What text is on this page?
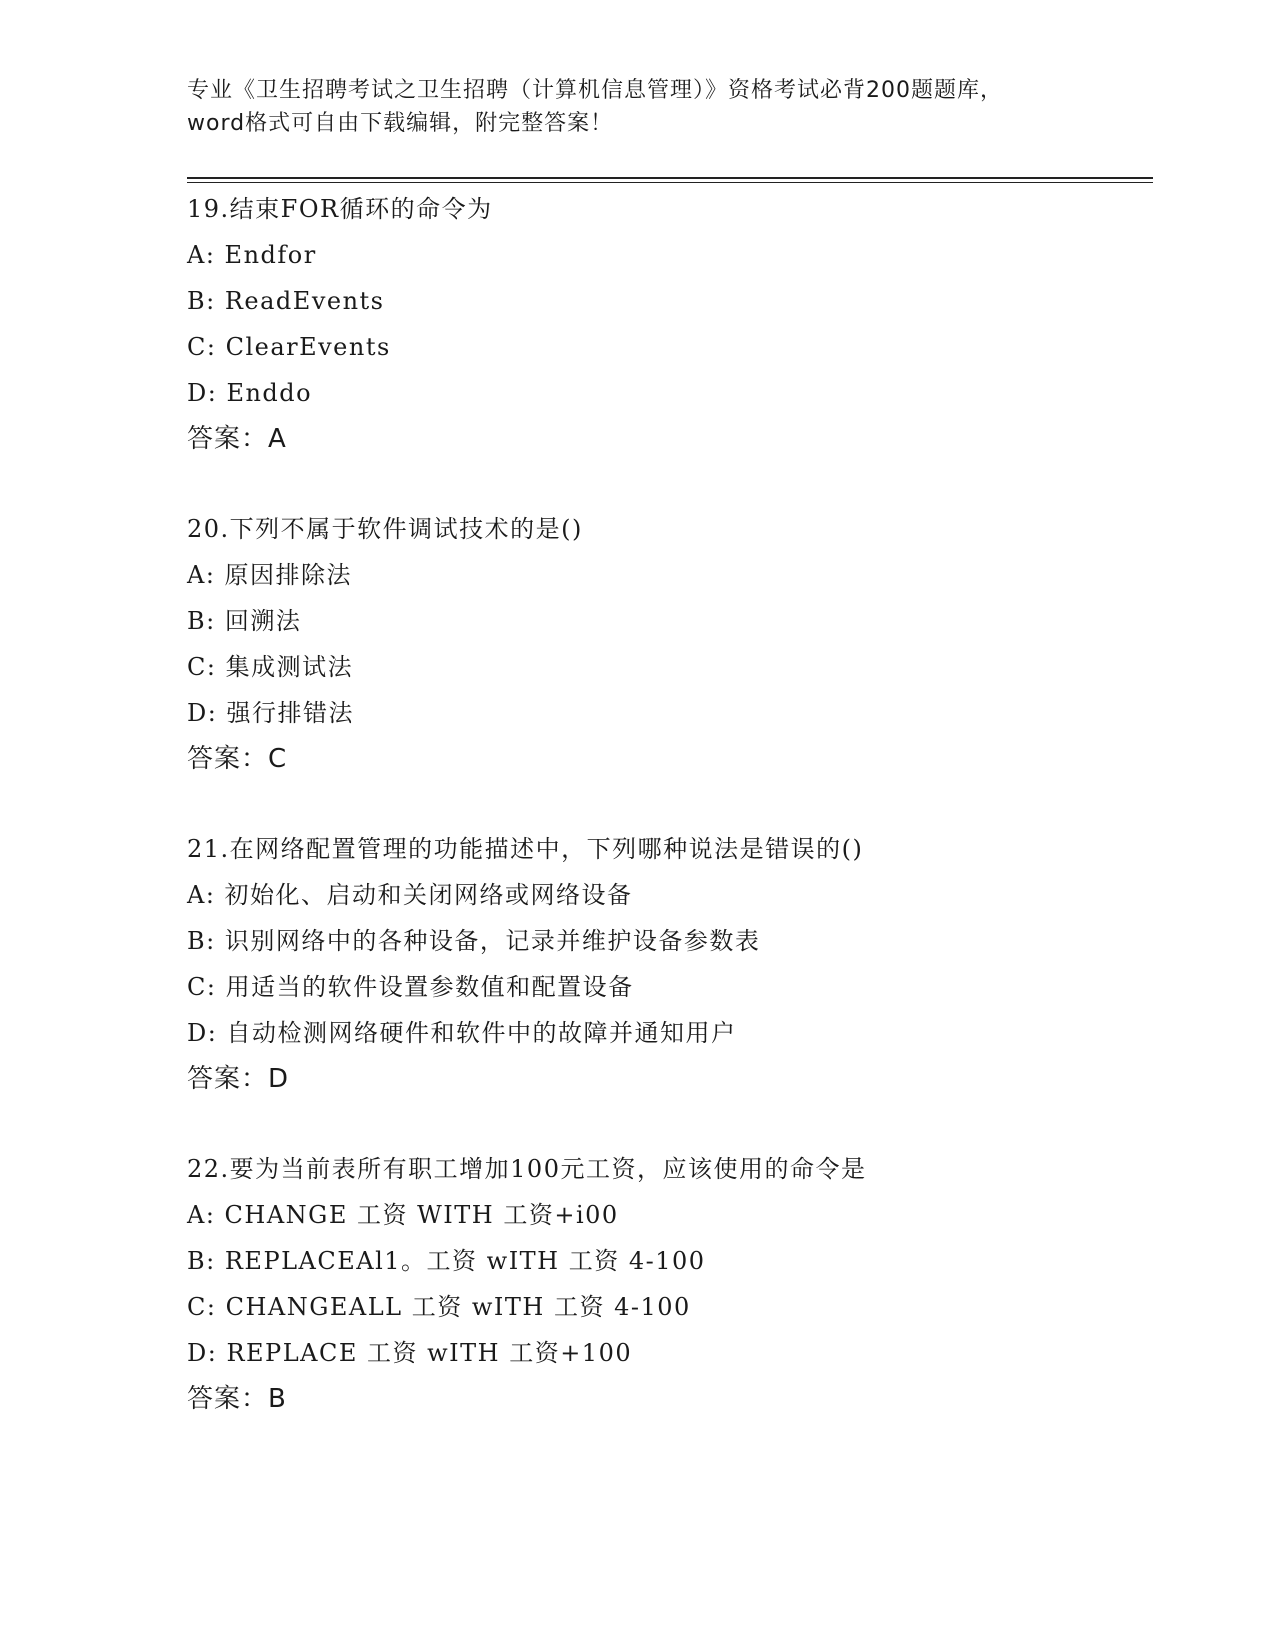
专业《卫生招聘考试之卫生招聘（计算机信息管理）》资格考试必背200题题库，
word格式可自由下载编辑，附完整答案！
19.结束FOR循环的命令为
A: Endfor
B: ReadEvents
C: ClearEvents
D: Enddo
答案：A
20.下列不属于软件调试技术的是()
A: 原因排除法
B: 回溯法
C: 集成测试法
D: 强行排错法
答案：C
21.在网络配置管理的功能描述中，下列哪种说法是错误的()
A: 初始化、启动和关闭网络或网络设备
B: 识别网络中的各种设备，记录并维护设备参数表
C: 用适当的软件设置参数值和配置设备
D: 自动检测网络硬件和软件中的故障并通知用户
答案：D
22.要为当前表所有职工增加100元工资，应该使用的命令是
A: CHANGE 工资 WITH 工资+i00
B: REPLACEAl1。工资 wITH 工资 4-100
C: CHANGEALL 工资 wITH 工资 4-100
D: REPLACE 工资 wITH 工资+100
答案：B
